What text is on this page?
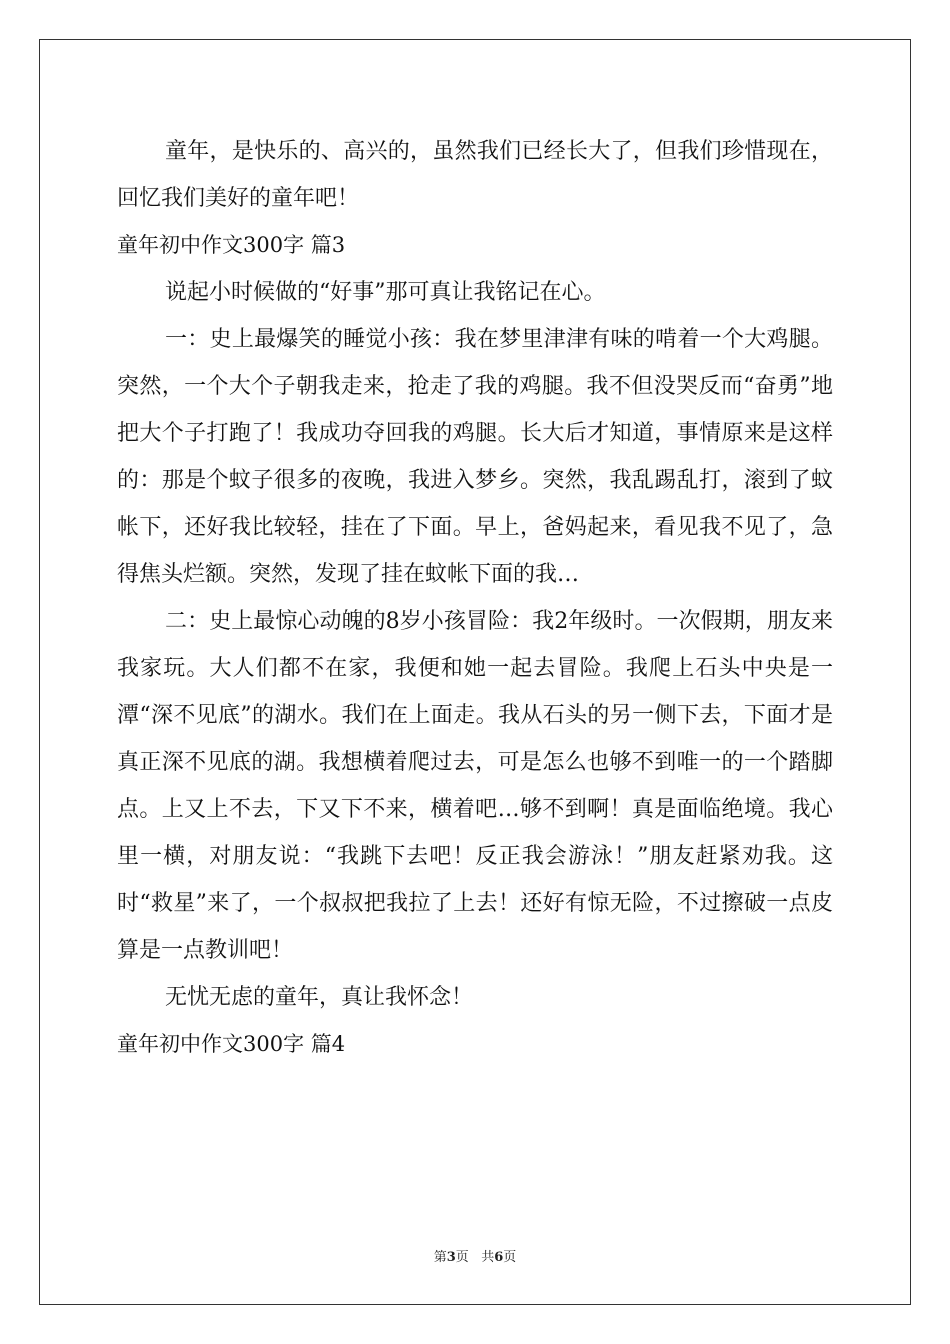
童年，是快乐的、高兴的，虽然我们已经长大了，但我们珍惜现在，回忆我们美好的童年吧！

童年初中作文300字 篇3

说起小时候做的“好事”那可真让我铭记在心。

一：史上最爆笑的睡觉小孩：我在梦里津津有味的啃着一个大鸡腿。突然，一个大个子朝我走来，抢走了我的鸡腿。我不但没哭反而“奋勇”地把大个子打跑了！我成功夺回我的鸡腿。长大后才知道，事情原来是这样的：那是个蚊子很多的夜晚，我进入梦乡。突然，我乱踢乱打，滚到了蚊帐下，还好我比较轻，挂在了下面。早上，爸妈起来，看见我不见了，急得焦头烂额。突然，发现了挂在蚊帐下面的我…

二：史上最惊心动魄的8岁小孩冒险：我2年级时。一次假期，朋友来我家玩。大人们都不在家，我便和她一起去冒险。我爬上石头中央是一潭“深不见底”的湖水。我们在上面走。我从石头的另一侧下去，下面才是真正深不见底的湖。我想横着爬过去，可是怎么也够不到唯一的一个踏脚点。上又上不去，下又下不来，横着吧…够不到啊！真是面临绝境。我心里一横，对朋友说：“我跳下去吧！反正我会游泳！”朋友赶紧劝我。这时“救星”来了，一个叔叔把我拉了上去！还好有惊无险，不过擦破一点皮算是一点教训吧！

无忧无虑的童年，真让我怀念！

童年初中作文300字 篇4

第3页 共6页
